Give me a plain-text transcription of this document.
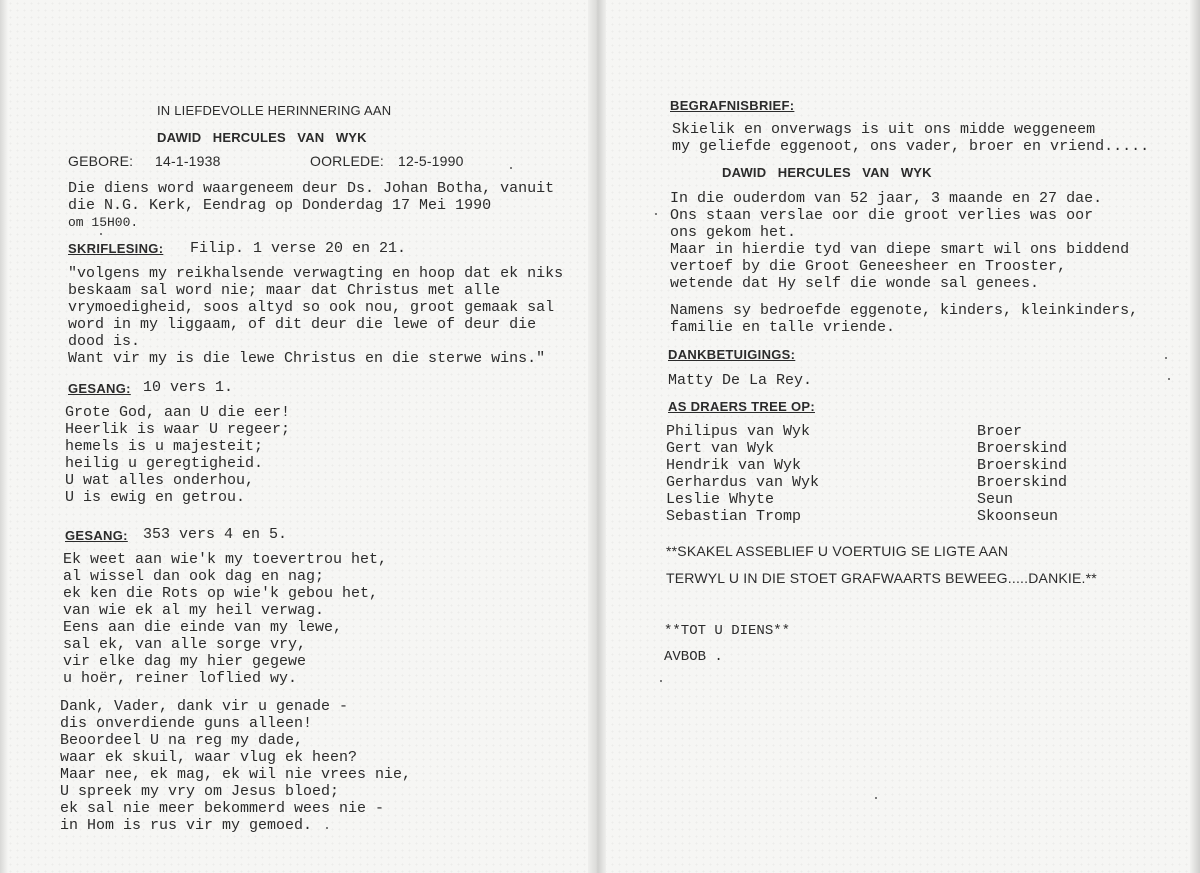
IN LIEFDEVOLLE HERINNERING AAN
DAWID   HERCULES   VAN   WYK
GEBORE: 14-1-1938	OORLEDE: 12-5-1990
Die diens word waargeneem deur Ds. Johan Botha, vanuit
die N.G. Kerk, Eendrag op Donderdag 17 Mei 1990
om 15H00.
SKRIFLESING: Filip. 1 verse 20 en 21.
"volgens my reikhalsende verwagting en hoop dat ek niks
beskaam sal word nie; maar dat Christus met alle
vrymoedigheid, soos altyd so ook nou, groot gemaak sal
word in my liggaam, of dit deur die lewe of deur die
dood is.
Want vir my is die lewe Christus en die sterwe wins."
GESANG: 10 vers 1.
Grote God, aan U die eer!
Heerlik is waar U regeer;
hemels is u majesteit;
heilig u geregtigheid.
U wat alles onderhou,
U is ewig en getrou.
GESANG: 353 vers 4 en 5.
Ek weet aan wie'k my toevertrou het,
al wissel dan ook dag en nag;
ek ken die Rots op wie'k gebou het,
van wie ek al my heil verwag.
Eens aan die einde van my lewe,
sal ek, van alle sorge vry,
vir elke dag my hier gegewe
u hoër, reiner loflied wy.
Dank, Vader, dank vir u genade -
dis onverdiende guns alleen!
Beoordeel U na reg my dade,
waar ek skuil, waar vlug ek heen?
Maar nee, ek mag, ek wil nie vrees nie,
U spreek my vry om Jesus bloed;
ek sal nie meer bekommerd wees nie -
in Hom is rus vir my gemoed.
BEGRAFNISBRIEF:
Skielik en onverwags is uit ons midde weggeneem
my geliefde eggenoot, ons vader, broer en vriend.....
DAWID   HERCULES   VAN   WYK
In die ouderdom van 52 jaar, 3 maande en 27 dae.
Ons staan verslae oor die groot verlies was oor
ons gekom het.
Maar in hierdie tyd van diepe smart wil ons biddend
vertoef by die Groot Geneesheer en Trooster,
wetende dat Hy self die wonde sal genees.
Namens sy bedroefde eggenote, kinders, kleinkinders,
familie en talle vriende.
DANKBETUIGINGS:
Matty De La Rey.
AS DRAERS TREE OP:
Philipus van Wyk
Gert van Wyk
Hendrik van Wyk
Gerhardus van Wyk
Leslie Whyte
Sebastian Tromp
Broer
Broerskind
Broerskind
Broerskind
Seun
Skoonseun
**SKAKEL ASSEBLIEF U VOERTUIG SE LIGTE AAN
TERWYL U IN DIE STOET GRAFWAARTS BEWEEG.....DANKIE.**
**TOT U DIENS**
AVBOB .
